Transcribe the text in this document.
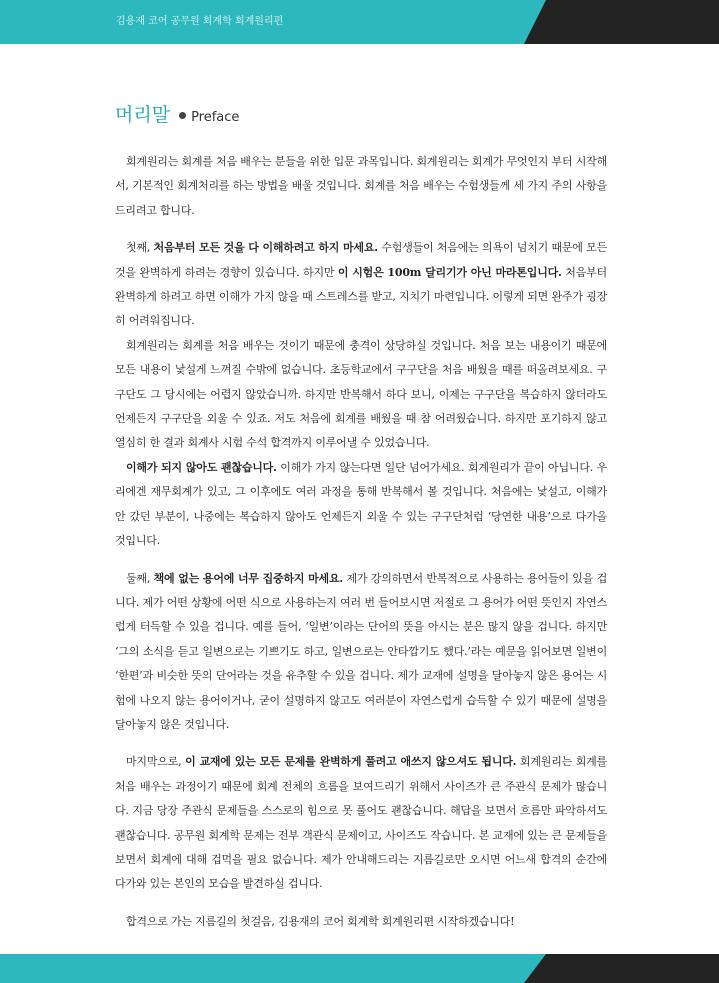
김용재 코어 공무원 회계학 회계원리편
머리말 Preface

회계원리는 회계를 처음 배우는 분들을 위한 입문 과목입니다. 회계원리는 회계가 무엇인지 부터 시작해서, 기본적인 회계처리를 하는 방법을 배울 것입니다. 회계를 처음 배우는 수험생들께 세 가지 주의 사항을 드리려고 합니다.

첫째, 처음부터 모든 것을 다 이해하려고 하지 마세요. 수험생들이 처음에는 의욕이 넘치기 때문에 모든 것을 완벽하게 하려는 경향이 있습니다. 하지만 이 시험은 100m 달리기가 아닌 마라톤입니다. 처음부터 완벽하게 하려고 하면 이해가 가지 않을 때 스트레스를 받고, 지치기 마련입니다. 이렇게 되면 완주가 굉장히 어려워집니다.

회계원리는 회계를 처음 배우는 것이기 때문에 충격이 상당하실 것입니다. 처음 보는 내용이기 때문에 모든 내용이 낯설게 느껴질 수밖에 없습니다. 초등학교에서 구구단을 처음 배웠을 때를 떠올려보세요. 구구단도 그 당시에는 어렵지 않았습니까. 하지만 반복해서 하다 보니, 이제는 구구단을 복습하지 않더라도 언제든지 구구단을 외울 수 있죠. 저도 처음에 회계를 배웠을 때 참 어려웠습니다. 하지만 포기하지 않고 열심히 한 결과 회계사 시험 수석 합격까지 이루어낼 수 있었습니다.

이해가 되지 않아도 괜찮습니다. 이해가 가지 않는다면 일단 넘어가세요. 회계원리가 끝이 아닙니다. 우리에겐 재무회계가 있고, 그 이후에도 여러 과정을 통해 반복해서 볼 것입니다. 처음에는 낯설고, 이해가 안 갔던 부분이, 나중에는 복습하지 않아도 언제든지 외울 수 있는 구구단처럼 ‘당연한 내용’으로 다가올 것입니다.

둘째, 책에 없는 용어에 너무 집중하지 마세요. 제가 강의하면서 반복적으로 사용하는 용어들이 있을 겁니다. 제가 어떤 상황에 어떤 식으로 사용하는지 여러 번 들어보시면 저절로 그 용어가 어떤 뜻인지 자연스럽게 터득할 수 있을 겁니다. 예를 들어, ‘일변’이라는 단어의 뜻을 아시는 분은 많지 않을 겁니다. 하지만 ‘그의 소식을 듣고 일변으로는 기쁘기도 하고, 일변으로는 안타깝기도 했다.’라는 예문을 읽어보면 일변이 ‘한편’과 비슷한 뜻의 단어라는 것을 유추할 수 있을 겁니다. 제가 교재에 설명을 달아놓지 않은 용어는 시험에 나오지 않는 용어이거나, 굳이 설명하지 않고도 여러분이 자연스럽게 습득할 수 있기 때문에 설명을 달아놓지 않은 것입니다.

마지막으로, 이 교재에 있는 모든 문제를 완벽하게 풀려고 애쓰지 않으셔도 됩니다. 회계원리는 회계를 처음 배우는 과정이기 때문에 회계 전체의 흐름을 보여드리기 위해서 사이즈가 큰 주관식 문제가 많습니다. 지금 당장 주관식 문제들을 스스로의 힘으로 못 풀어도 괜찮습니다. 해답을 보면서 흐름만 파악하셔도 괜찮습니다. 공무원 회계학 문제는 전부 객관식 문제이고, 사이즈도 작습니다. 본 교재에 있는 큰 문제들을 보면서 회계에 대해 겁먹을 필요 없습니다. 제가 안내해드리는 지름길로만 오시면 어느새 합격의 순간에 다가와 있는 본인의 모습을 발견하실 겁니다.

합격으로 가는 지름길의 첫걸음, 김용재의 코어 회계학 회계원리편 시작하겠습니다!
